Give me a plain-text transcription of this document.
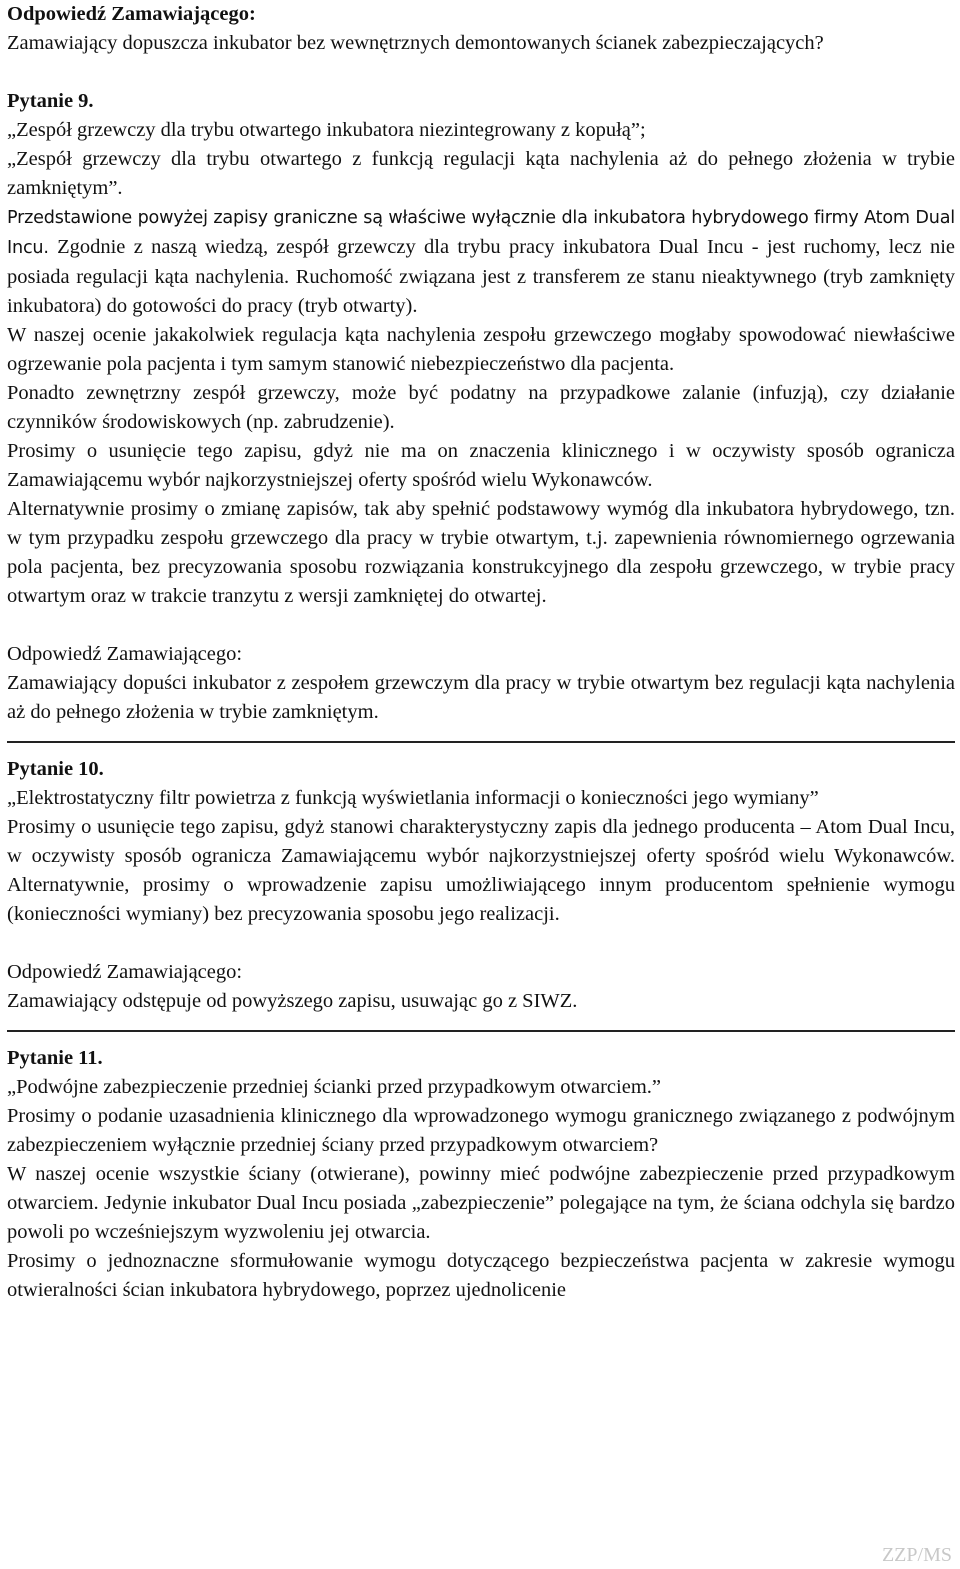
Odpowiedź Zamawiającego:

Zamawiający dopuszcza inkubator bez wewnętrznych demontowanych ścianek zabezpieczających?

Pytanie 9.

„Zespół grzewczy dla trybu otwartego inkubatora niezintegrowany z kopułą”;

„Zespół grzewczy dla trybu otwartego z funkcją regulacji kąta nachylenia aż do pełnego złożenia w trybie zamkniętym”.

Przedstawione powyżej zapisy graniczne są właściwe wyłącznie dla inkubatora hybrydowego firmy Atom Dual Incu. Zgodnie z naszą wiedzą, zespół grzewczy dla trybu pracy inkubatora Dual Incu - jest ruchomy, lecz nie posiada regulacji kąta nachylenia. Ruchomość związana jest z transferem ze stanu nieaktywnego (tryb zamknięty inkubatora) do gotowości do pracy (tryb otwarty).

W naszej ocenie jakakolwiek regulacja kąta nachylenia zespołu grzewczego mogłaby spowodować niewłaściwe ogrzewanie pola pacjenta i tym samym stanowić niebezpieczeństwo dla pacjenta.

Ponadto zewnętrzny zespół grzewczy, może być podatny na przypadkowe zalanie (infuzją), czy działanie czynników środowiskowych (np. zabrudzenie).

Prosimy o usunięcie tego zapisu, gdyż nie ma on znaczenia klinicznego i w oczywisty sposób ogranicza Zamawiającemu wybór najkorzystniejszej oferty spośród wielu Wykonawców.

Alternatywnie prosimy o zmianę zapisów, tak aby spełnić podstawowy wymóg dla inkubatora hybrydowego, tzn. w tym przypadku zespołu grzewczego dla pracy w trybie otwartym, t.j. zapewnienia równomiernego ogrzewania pola pacjenta, bez precyzowania sposobu rozwiązania konstrukcyjnego dla zespołu grzewczego, w trybie pracy otwartym oraz w trakcie tranzytu z wersji zamkniętej do otwartej.

Odpowiedź Zamawiającego:

Zamawiający dopuści inkubator z zespołem grzewczym dla pracy w trybie otwartym bez regulacji kąta nachylenia aż do pełnego złożenia w trybie zamkniętym.

Pytanie 10.

„Elektrostatyczny filtr powietrza z funkcją wyświetlania informacji o konieczności jego wymiany”

Prosimy o usunięcie tego zapisu, gdyż stanowi charakterystyczny zapis dla jednego producenta – Atom Dual Incu, w oczywisty sposób ogranicza Zamawiającemu wybór najkorzystniejszej oferty spośród wielu Wykonawców. Alternatywnie, prosimy o wprowadzenie zapisu umożliwiającego innym producentom spełnienie wymogu (konieczności wymiany) bez precyzowania sposobu jego realizacji.

Odpowiedź Zamawiającego:

Zamawiający odstępuje od powyższego zapisu, usuwając go z SIWZ.

Pytanie 11.

„Podwójne zabezpieczenie przedniej ścianki przed przypadkowym otwarciem.”

Prosimy o podanie uzasadnienia klinicznego dla wprowadzonego wymogu granicznego związanego z podwójnym zabezpieczeniem wyłącznie przedniej ściany przed przypadkowym otwarciem?

W naszej ocenie wszystkie ściany (otwierane), powinny mieć podwójne zabezpieczenie przed przypadkowym otwarciem. Jedynie inkubator Dual Incu posiada „zabezpieczenie” polegające na tym, że ściana odchyla się bardzo powoli po wcześniejszym wyzwoleniu jej otwarcia.

Prosimy o jednoznaczne sformułowanie wymogu dotyczącego bezpieczeństwa pacjenta w zakresie wymogu otwieralności ścian inkubatora hybrydowego, poprzez ujednolicenie

ZZP/MS
